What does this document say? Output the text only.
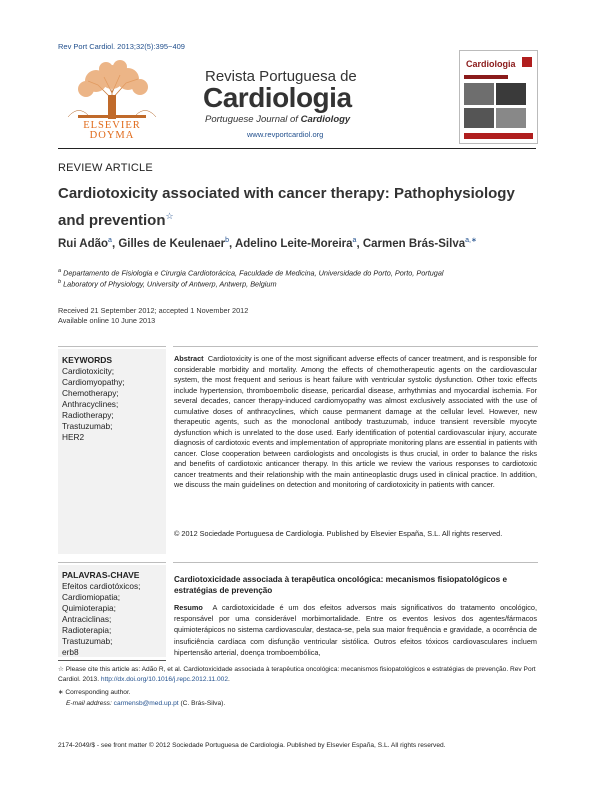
Rev Port Cardiol. 2013;32(5):395−409
ELSEVIER
DOYMA
Revista Portuguesa de
Cardiologia
Portuguese Journal of Cardiology
www.revportcardiol.org
Cardiologia
REVIEW ARTICLE
Cardiotoxicity associated with cancer therapy: Pathophysiology and prevention☆
Rui Adão$^a$, Gilles de Keulenaer$^b$, Adelino Leite-Moreira$^a$, Carmen Brás-Silva$^{a,∗}$
$^a$ Departamento de Fisiologia e Cirurgia Cardiotorácica, Faculdade de Medicina, Universidade do Porto, Porto, Portugal
$^b$ Laboratory of Physiology, University of Antwerp, Antwerp, Belgium
Received 21 September 2012; accepted 1 November 2012
Available online 10 June 2013
KEYWORDS
Cardiotoxicity;
Cardiomyopathy;
Chemotherapy;
Anthracyclines;
Radiotherapy;
Trastuzumab;
HER2
Abstract Cardiotoxicity is one of the most significant adverse effects of cancer treatment, and is responsible for considerable morbidity and mortality. Among the effects of chemotherapeutic agents on the cardiovascular system, the most frequent and serious is heart failure with ventricular systolic dysfunction. Other toxic effects include hypertension, thromboembolic disease, pericardial disease, arrhythmias and myocardial ischemia. For several decades, cancer therapy-induced cardiomyopathy was almost exclusively associated with the use of cumulative doses of anthracyclines, which cause permanent damage at the cellular level. However, new therapeutic agents, such as the monoclonal antibody trastuzumab, induce transient reversible myocyte dysfunction which is unrelated to the dose used. Early identification of potential cardiovascular injury, accurate diagnosis of cardiotoxic events and implementation of appropriate monitoring plans are essential in patients with cancer. Close cooperation between cardiologists and oncologists is thus crucial, in order to balance the risks and benefits of cardiotoxic anticancer therapy. In this article we review the various responses to cardiotoxic cancer treatments and their relationship with the main antineoplastic drugs used in clinical practice. In addition, we discuss the main guidelines on detection and monitoring of cardiotoxicity in patients with cancer.
© 2012 Sociedade Portuguesa de Cardiologia. Published by Elsevier España, S.L. All rights reserved.
PALAVRAS-CHAVE
Efeitos cardiotóxicos;
Cardiomiopatia;
Quimioterapia;
Antraciclinas;
Radioterapia;
Trastuzumab;
erb8
Cardiotoxicidade associada à terapêutica oncológica: mecanismos fisiopatológicos e estratégias de prevenção
Resumo A cardiotoxicidade é um dos efeitos adversos mais significativos do tratamento oncológico, responsável por uma considerável morbimortalidade. Entre os eventos lesivos dos agentes/fármacos quimioterápicos no sistema cardiovascular, destaca-se, pela sua maior frequência e gravidade, a ocorrência de insuficiência cardíaca com disfunção ventricular sistólica. Outros efeitos tóxicos cardiovasculares incluem hipertensão arterial, doença tromboembólica,
☆ Please cite this article as: Adão R, et al. Cardiotoxicidade associada à terapêutica oncológica: mecanismos fisiopatológicos e estratégias de prevenção. Rev Port Cardiol. 2013. http://dx.doi.org/10.1016/j.repc.2012.11.002.
∗ Corresponding author.
E-mail address: carmensb@med.up.pt (C. Brás-Silva).
2174-2049/$ - see front matter © 2012 Sociedade Portuguesa de Cardiologia. Published by Elsevier España, S.L. All rights reserved.
